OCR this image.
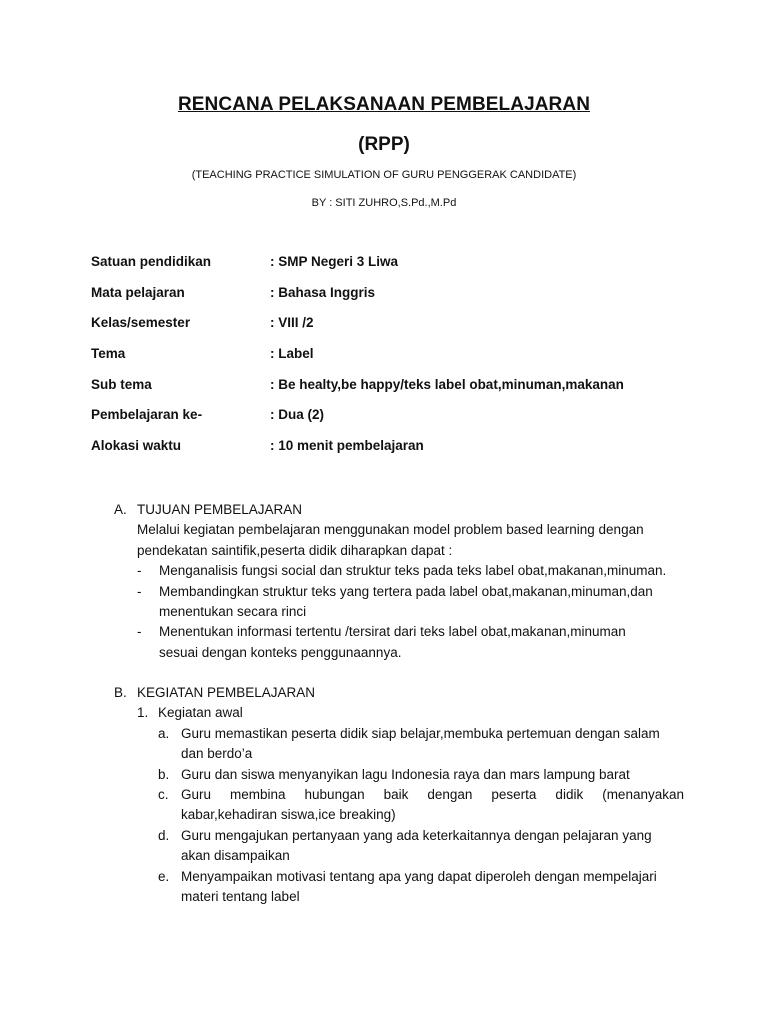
RENCANA PELAKSANAAN PEMBELAJARAN
(RPP)
(TEACHING PRACTICE SIMULATION OF GURU PENGGERAK CANDIDATE)
BY : SITI ZUHRO,S.Pd.,M.Pd
Satuan pendidikan	: SMP Negeri 3 Liwa
Mata pelajaran	: Bahasa Inggris
Kelas/semester	: VIII /2
Tema	: Label
Sub tema	: Be healty,be happy/teks label obat,minuman,makanan
Pembelajaran ke-	: Dua (2)
Alokasi waktu	: 10 menit pembelajaran
A. TUJUAN PEMBELAJARAN
Melalui kegiatan pembelajaran menggunakan model problem based learning dengan
pendekatan saintifik,peserta didik diharapkan dapat :
-	Menganalisis fungsi social dan struktur teks pada teks label obat,makanan,minuman.
-	Membandingkan struktur teks yang tertera pada label obat,makanan,minuman,dan
menentukan secara rinci
-	Menentukan informasi tertentu /tersirat dari teks label obat,makanan,minuman
sesuai dengan konteks penggunaannya.
B. KEGIATAN PEMBELAJARAN
1. Kegiatan awal
a. Guru memastikan peserta didik siap belajar,membuka pertemuan dengan salam
dan berdo’a
b. Guru dan siswa menyanyikan lagu Indonesia raya dan mars lampung barat
c. Guru membina hubungan baik dengan peserta didik (menanyakan
kabar,kehadiran siswa,ice breaking)
d. Guru mengajukan pertanyaan yang ada keterkaitannya dengan pelajaran yang
akan disampaikan
e. Menyampaikan motivasi tentang apa yang dapat diperoleh dengan mempelajari
materi tentang label
